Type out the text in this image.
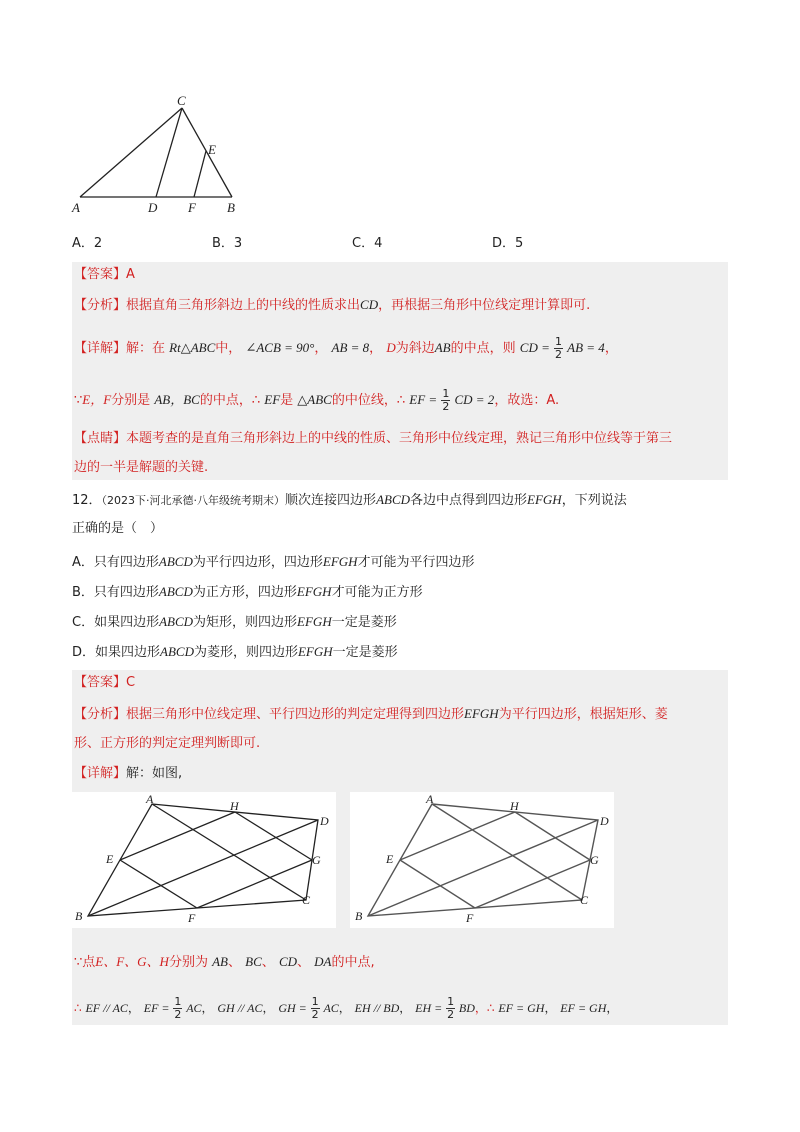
C
E
A	D F B
A．2	B．3	C．4	D．5
【答案】A
【分析】根据直角三角形斜边上的中线的性质求出CD，再根据三角形中位线定理计算即可.
【详解】解：在 Rt△ABC中， ∠ACB = 90°， AB = 8， D为斜边AB的中点，则 CD = $\frac{1}{2}$ AB = 4，
∵E，F分别是 AB，BC的中点，∴ EF是 △ABC的中位线，∴ EF = $\frac{1}{2}$ CD = 2，故选：A.
【点睛】本题考查的是直角三角形斜边上的中线的性质、三角形中位线定理，熟记三角形中位线等于第三
边的一半是解题的关键.
12．（2023下·河北承德·八年级统考期末）顺次连接四边形ABCD各边中点得到四边形EFGH，下列说法
正确的是（　）
A．只有四边形ABCD为平行四边形，四边形EFGH才可能为平行四边形
B．只有四边形ABCD为正方形，四边形EFGH才可能为正方形
C．如果四边形ABCD为矩形，则四边形EFGH一定是菱形
D．如果四边形ABCD为菱形，则四边形EFGH一定是菱形
【答案】C
【分析】根据三角形中位线定理、平行四边形的判定定理得到四边形EFGH为平行四边形，根据矩形、菱
形、正方形的判定定理判断即可.
【详解】解：如图,
A	H
D
E	G
C
B	F
A	H
D
E	G
C
B	F
∵点E、F、G、H分别为 AB、 BC、 CD、 DA的中点,
∴ EF // AC， EF = $\frac{1}{2}$ AC， GH // AC， GH = $\frac{1}{2}$ AC， EH // BD， EH = $\frac{1}{2}$ BD，∴ EF = GH， EF = GH，
